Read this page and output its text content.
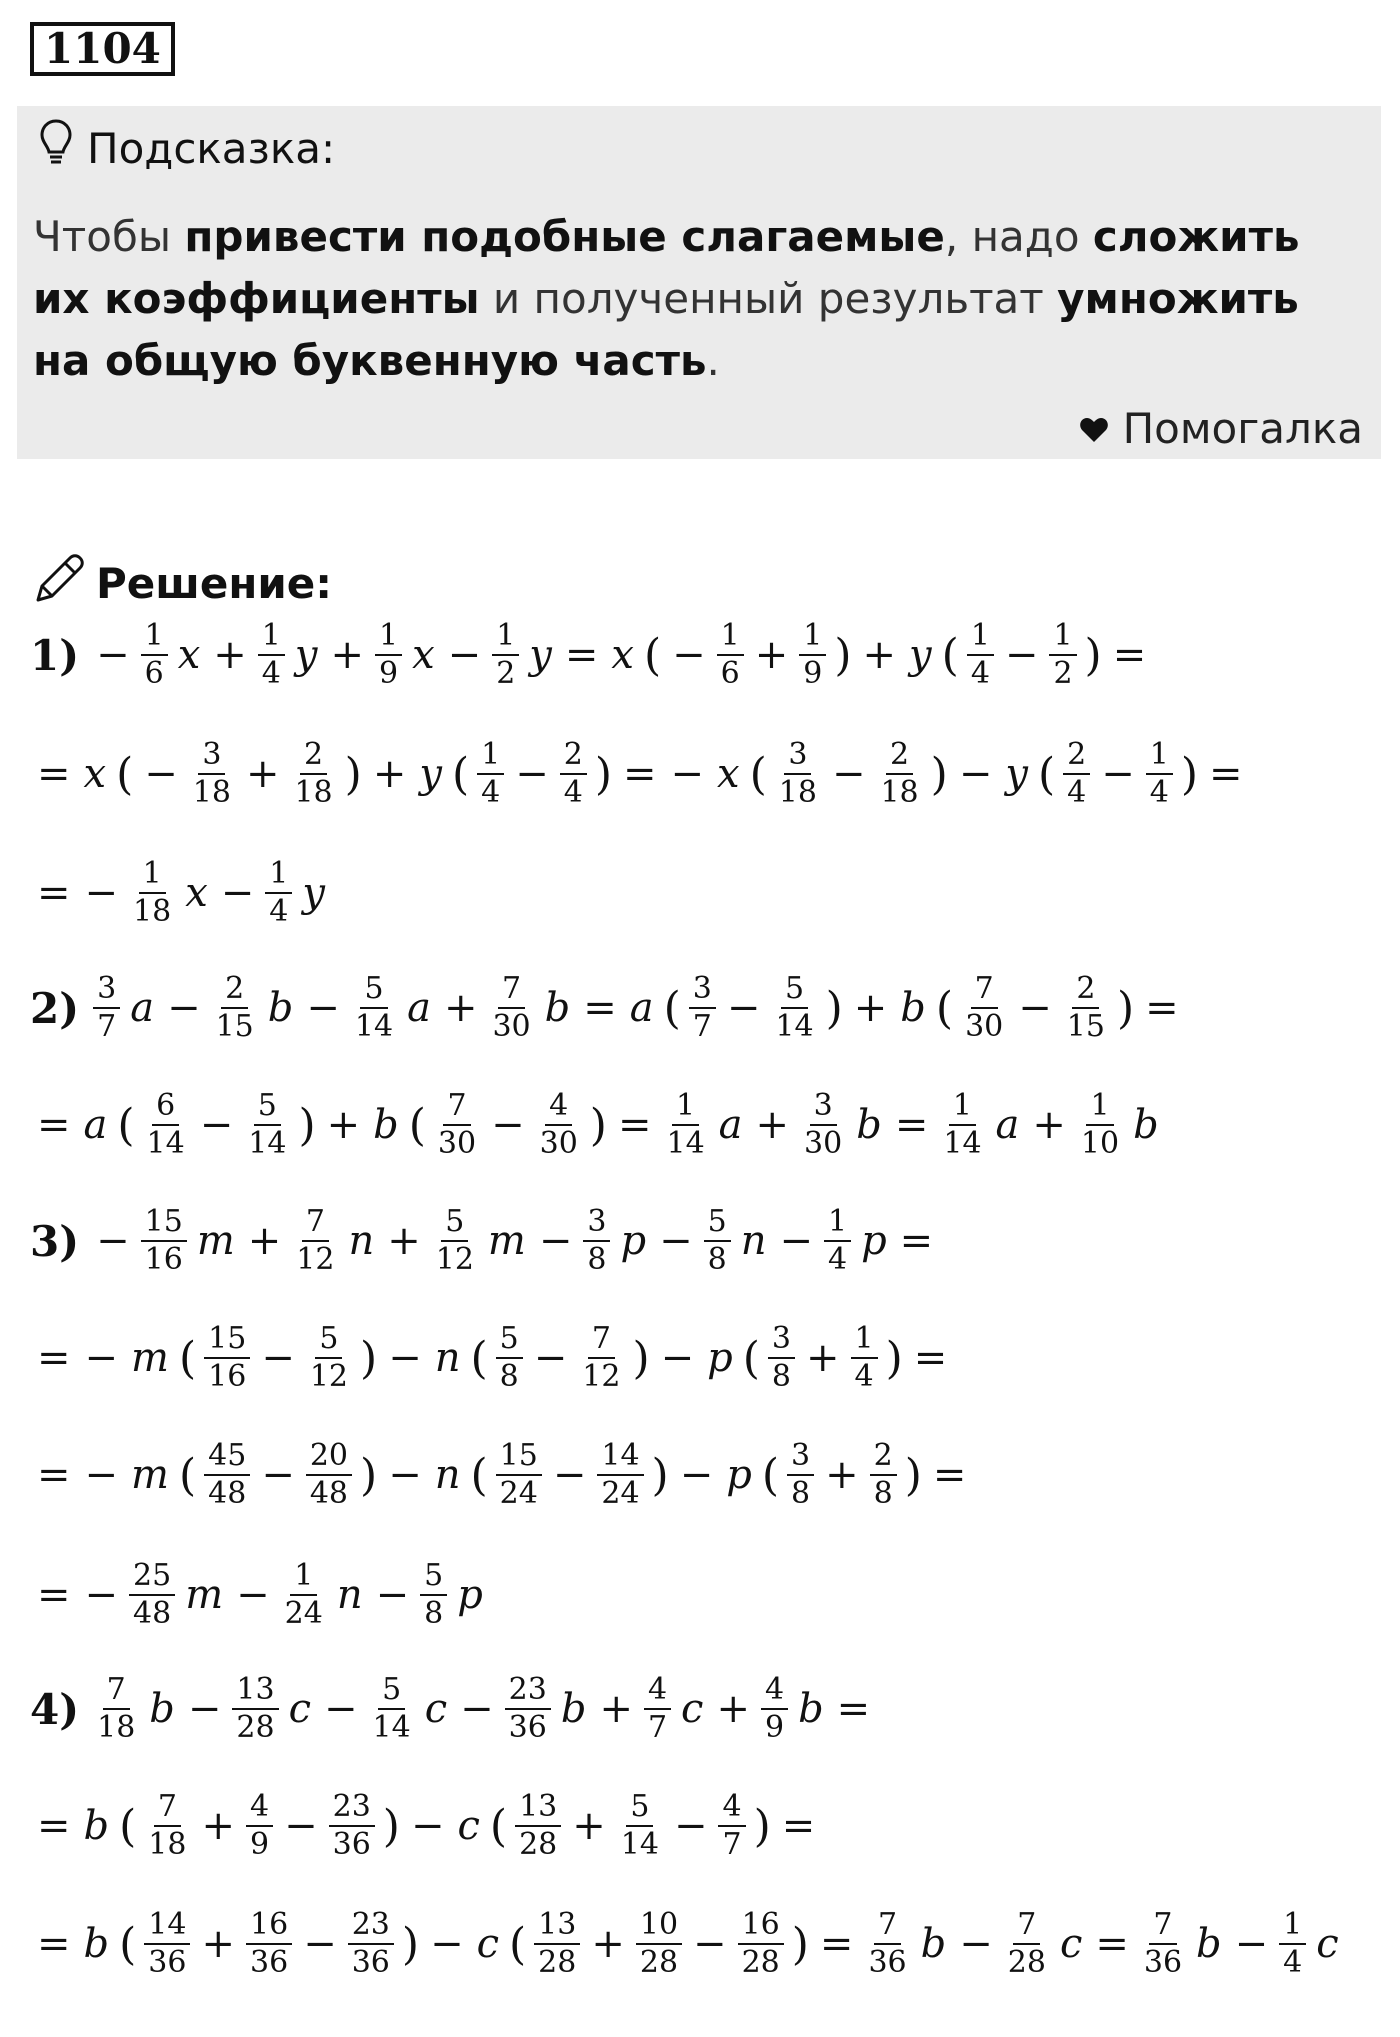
1104
Подсказка:
Чтобы привести подобные слагаемые, надо сложить их коэффициенты и полученный результат умножить на общую буквенную часть.
Помогалка
Решение:
$1) - \frac{1}{6}$ $x + \frac{1}{4}$ $y + \frac{1}{9}$ $x - \frac{1}{2}$ y = x ( − $\frac{1}{6} + \frac{1}{9}$ ) + y ( $\frac{1}{4} - \frac{1}{2}$ ) =
= x ( − $\frac{3}{18} + \frac{2}{18}$ ) + y ( $\frac{1}{4} - \frac{2}{4}$ ) = − x ( $\frac{3}{18} - \frac{2}{18}$ ) − y ( $\frac{2}{4} - \frac{1}{4}$ ) =
= − $\frac{1}{18}$ $x - \frac{1}{4}$ y
$2) \frac{3}{7}$ $a - \frac{2}{15}$ $b - \frac{5}{14}$ $a + \frac{7}{30}$ b = a ( $\frac{3}{7} - \frac{5}{14}$ ) + b ( $\frac{7}{30} - \frac{2}{15}$ ) =
= a ( $\frac{6}{14} - \frac{5}{14}$ ) + b ( $\frac{7}{30} - \frac{4}{30}$ ) = $\frac{1}{14}$ $a + \frac{3}{30}$ $b = \frac{1}{14}$ $a + \frac{1}{10}$ b
$3) - \frac{15}{16}$ $m + \frac{7}{12}$ $n + \frac{5}{12}$ $m - \frac{3}{8}$ $p - \frac{5}{8}$ $n - \frac{1}{4}$ p =
= − m ( $\frac{15}{16} - \frac{5}{12}$ ) − n ( $\frac{5}{8} - \frac{7}{12}$ ) − p ( $\frac{3}{8} + \frac{1}{4}$ ) =
= − m ( $\frac{45}{48} - \frac{20}{48}$ ) − n ( $\frac{15}{24} - \frac{14}{24}$ ) − p ( $\frac{3}{8} + \frac{2}{8}$ ) =
= − $\frac{25}{48}$ $m - \frac{1}{24}$ $n - \frac{5}{8}$ p
$4) \frac{7}{18}$ $b - \frac{13}{28}$ $c - \frac{5}{14}$ $c - \frac{23}{36}$ $b + \frac{4}{7}$ $c + \frac{4}{9}$ b =
= b ( $\frac{7}{18} + \frac{4}{9} - \frac{23}{36}$ ) − c ( $\frac{13}{28} + \frac{5}{14} - \frac{4}{7}$ ) =
= b ( $\frac{14}{36} + \frac{16}{36} - \frac{23}{36}$ ) − c ( $\frac{13}{28} + \frac{10}{28} - \frac{16}{28}$ ) = $\frac{7}{36}$ $b - \frac{7}{28}$ $c = \frac{7}{36}$ $b - \frac{1}{4}$ c
